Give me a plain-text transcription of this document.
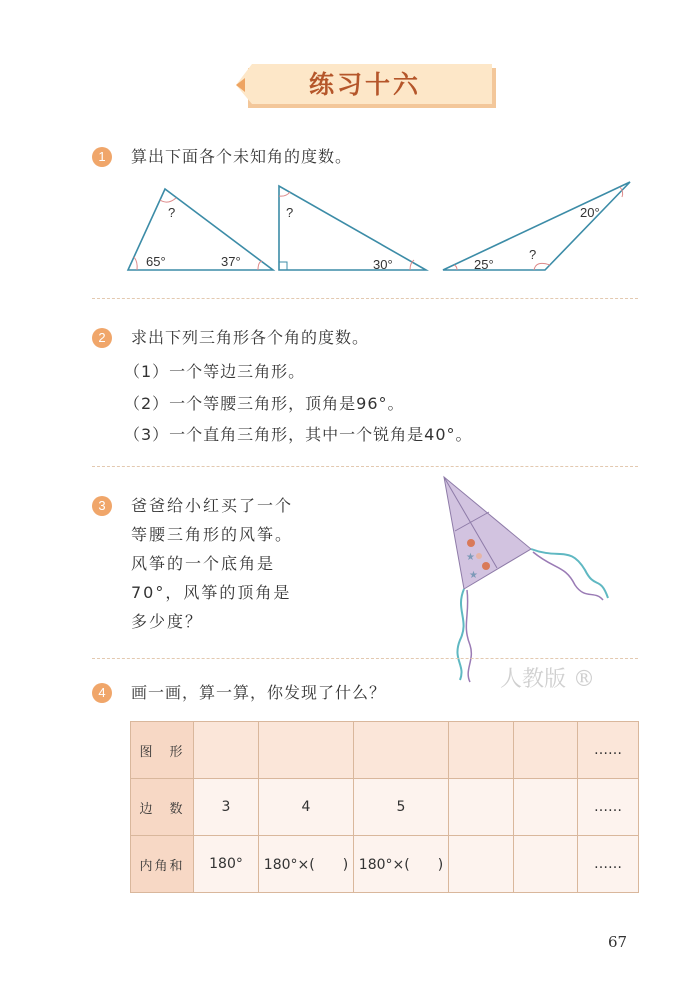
★
★
练习十六
1	算出下面各个未知角的度数。
?
65°	37°
?
30°
20°
25°
?
2	求出下列三角形各个角的度数。
（1）一个等边三角形。
（2）一个等腰三角形，顶角是96°。
（3）一个直角三角形，其中一个锐角是40°。
3	爸爸给小红买了一个
等腰三角形的风筝。
风筝的一个底角是
70°，风筝的顶角是
多少度？
人教版 ®
4	画一画，算一算，你发现了什么？
图　形						……
边　数	3	4	5			……
内角和	180°	180°×(　　)	180°×(　　)			……
67
